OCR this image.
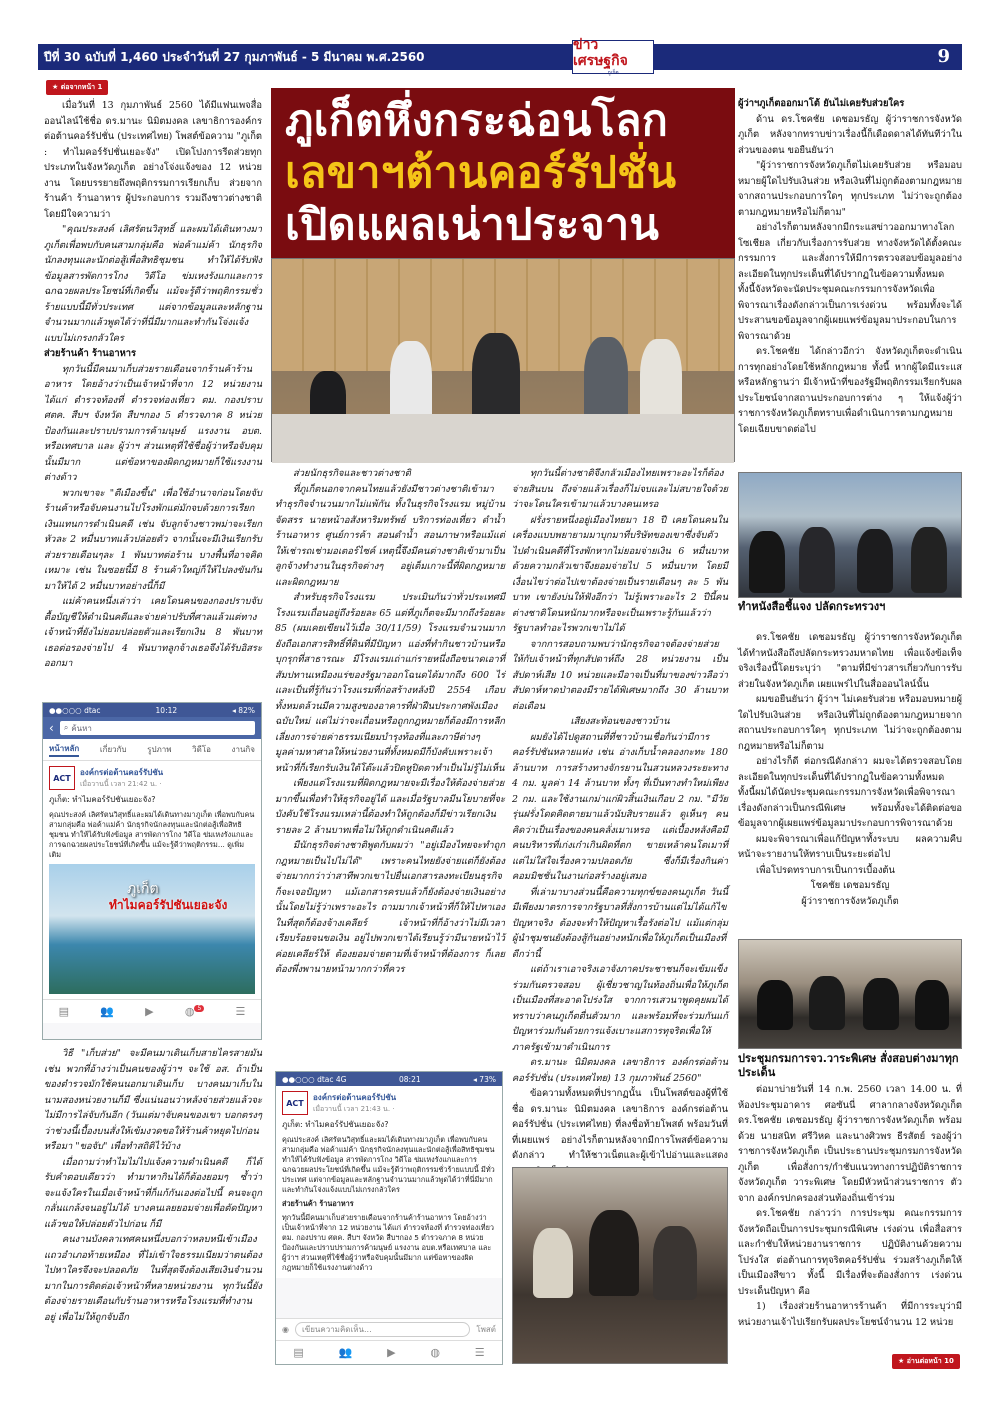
ปีที่ 30 ฉบับที่ 1,460 ประจำวันที่ 27 กุมภาพันธ์ - 5 มีนาคม พ.ศ.2560
ข่าวเศรษฐกิจ
ภูเก็ต
9
★ ต่อจากหน้า 1

เมื่อวันที่ 13 กุมภาพันธ์ 2560 ได้มีแฟนเพจสื่อออนไลน์ใช้ชื่อ ดร.มานะ นิมิตมงคล เลขาธิการองค์กรต่อต้านคอร์รัปชั่น (ประเทศไทย) โพสต์ข้อความ "ภูเก็ต : ทำไมคอร์รัปชั่นเยอะจัง" เปิดโปงการรีดส่วยทุกประเภทในจังหวัดภูเก็ต อย่างโจ่งแจ้งของ 12 หน่วยงาน โดยบรรยายถึงพฤติกรรมการเรียกเก็บ ส่วยจากร้านค้า ร้านอาหาร ผู้ประกอบการ รวมถึงชาวต่างชาติ โดยมีใจความว่า

"คุณประสงค์ เลิศรัตนวิสุทธิ์ และผมได้เดินทางมาภูเก็ตเพื่อพบกับคนสามกลุ่มคือ พ่อค้าแม่ค้า นักธุรกิจนักลงทุนและนักต่อสู้เพื่อสิทธิชุมชน ทำให้ได้รับฟังข้อมูลสารพัดการโกง วิดีโอ ข่มเหงรังแกและการฉกฉวยผลประโยชน์ที่เกิดขึ้น แม้จะรู้ดีว่าพฤติกรรมชั่วร้ายแบบนี้มีทั่วประเทศ แต่จากข้อมูลและหลักฐานจำนวนมากแล้วพูดได้ว่าที่นี่มีมากและทำกันโจ่งแจ้งแบบไม่เกรงกลัวใคร

ส่วยร้านค้า ร้านอาหาร

ทุกวันนี้มีคนมาเก็บส่วยรายเดือนจากร้านค้าร้านอาหาร โดยอ้างว่าเป็นเจ้าหน้าที่จาก 12 หน่วยงาน ได้แก่ ตำรวจท้องที่ ตำรวจท่องเที่ยว ตม. กองปราบ ศตค. สืบฯ จังหวัด สืบฯกอง 5 ตำรวจภาค 8 หน่วยป้องกันและปราบปรามการค้ามนุษย์ แรงงาน อบต. หรือเทศบาล และ ผู้ว่าฯ ส่วนเหตุที่ใช้ชื่อผู้ว่าหรือจับคุมนั้นมีมาก แต่ข้อหาของผิดกฎหมายก็ใช้แรงงานต่างด้าว

พวกเขาจะ "ตีเมืองขึ้น" เพื่อใช้อำนาจก่อนโดยจับร้านค้าหรือจับคนงานไปโรงพักแต่มักจบด้วยการเรียกเงินแทนการดำเนินคดี เช่น จับลูกจ้างชาวพม่าจะเรียกหัวละ 2 หมื่นบาทแล้วปล่อยตัว จากนั้นจะมีเงินเรียกรับส่วยรายเดือนๆละ 1 พันบาทต่อร้าน บางพื้นที่อาจคิดเหมาะ เช่น ในซอยนี้มี 8 ร้านค้าใหญ่ก็ให้ไปลงขันกันมาให้ได้ 2 หมื่นบาทอย่างนี้ก็มี

แม่ค้าคนหนึ่งเล่าว่า เคยโดนคนของกองปราบจับตื้อบัญชีให้ดำเนินคดีและจ่ายค่าปรับที่ศาลแล้วแต่ทางเจ้าหน้าที่ยังไม่ยอมปล่อยตัวและเรียกเงิน 8 พันบาท เธอต่อรองจ่ายไป 4 พันบาทลูกจ้างเธอจึงได้รับอิสระออกมา

●●○○○ dtac	10:12	◂ 82%
‹ ⌕ ค้นหา
หน้าหลัก	เกี่ยวกับ	รูปภาพ	วิดีโอ	งานกิจ
ACT
องค์กรต่อต้านคอร์รัปชัน
เมื่อวานนี้ เวลา 21:42 น. ·
ภูเก็ต: ทำไมคอร์รัปชันเยอะจัง?
คุณประสงค์ เลิศรัตนวิสุทธิ์และผมได้เดินทางมาภูเก็ต เพื่อพบกับคนสามกลุ่มคือ พ่อค้าแม่ค้า นักธุรกิจนักลงทุนและนักต่อสู้เพื่อสิทธิชุมชน ทำให้ได้รับฟังข้อมูล สารพัดการโกง วิดีโอ ข่มเหงรังแกและการฉกฉวยผลประโยชน์ที่เกิดขึ้น แม้จะรู้ดีว่าพฤติกรรม... ดูเพิ่มเติม
ภูเก็ต
ทำไมคอร์รัปชันเยอะจัง
▤	👥	▶	◍ 5	☰

วิธี "เก็บส่วย" จะมีคนมาเดินเก็บสายไครสายมันเช่น พวกที่อ้างว่าเป็นคนของผู้ว่าฯ จะใช้ อส. ถ้าเป็นของตำรวจมักใช้คนนอกมาเดินเก็บ บางคนมาเก็บในนามสองหน่วยงานก็มี ซึ่งแน่นอนว่าหลังจ่ายส่วยแล้วจะไม่มีการไล่จับกันอีก (วันแต่มาจับคนของเขา บอกตรงๆ ว่าช่วงนี้เบื้องบนสั่งให้เข้มงวดขอให้ร้านค้าหยุดไปก่อนหรือมา "ขอจับ" เพื่อทำสถิติไว้บ้าง

เมื่อถามว่าทำไมไม่ไปแจ้งความดำเนินคดี ก็ได้รับคำตอบเดียวว่า ทำมาหากินได้ก็ต้องยอมๆ ซ้ำว่าจะแจ้งใครในเมื่อเจ้าหน้าที่ก็แก้กันเองต่อไปนี้ คนจะถูกกลั่นแกล้งจนอยู่ไม่ได้ บางคนเลยยอมจ่ายเพื่อตัดปัญหา แล้วขอให้ปล่อยตัวไปก่อน ก็มี

คนงานบังคลาเทศคนหนึ่งบอกว่าหลบหนีเข้าเมืองแถวอำเภอท้ายเหมือง ที่ไม่เข้าใจธรรมเนียมว่าตนต้องไปหาใครจึงจะปลอดภัย ในที่สุดจึงต้องเสียเงินจำนวนมากในการติดต่อเจ้าหน้าที่หลายหน่วยงาน ทุกวันนี้ยังต้องจ่ายรายเดือนกับร้านอาหารหรือโรงแรมที่ทำงานอยู่ เพื่อไม่ให้ถูกจับอีก

ภูเก็ตหึ่งกระฉ่อนโลก
เลขาฯต้านคอร์รัปชั่น
เปิดแผลเน่าประจาน

ส่วยนักธุรกิจและชาวต่างชาติ

ที่ภูเก็ตนอกจากคนไทยแล้วยังมีชาวต่างชาติเข้ามาทำธุรกิจจำนวนมากไม่แพ้กัน ทั้งในธุรกิจโรงแรม หมู่บ้านจัดสรร นายหน้าอสังหาริมทรัพย์ บริการท่องเที่ยว ดำน้ำ ร้านอาหาร ศูนย์การค้า สอนดำน้ำ สอนภาษาหรือแม้แต่ให้เช่ารถเช่ามอเตอร์ไซค์ เหตุนี้จึงมีคนต่างชาติเข้ามาเป็นลูกจ้างทำงานในธุรกิจต่างๆ อยู่เต็มเกาะนี้ที่ผิดกฎหมายและผิดกฎหมาย

สำหรับธุรกิจโรงแรม ประเมินกันว่าทั่วประเทศมีโรงแรมเถื่อนอยู่ถึงร้อยละ 65 แต่ที่ภูเก็ตจะมีมากถึงร้อยละ 85 (ผมเคยเขียนไว้เมื่อ 30/11/59) โรงแรมจำนวนมากยังถือเอกสารสิทธิ์ที่ดินที่มีปัญหา แอ่งที่ทำกินชาวบ้านหรือบุกรุกที่สาธารณะ มีโรงแรมเถ่าแก่รายหนึ่งถือขนาดเอาที่สัมปทานเหมืองแร่ของรัฐมาออกโฉนดได้มากถึง 600 ไร่ และเป็นที่รู้กันว่าโรงแรมที่ก่อสร้างหลังปี 2554 เกือบทั้งหมดล้วนมีความสูงของอาคารที่ฝ่าฝืนประกาศพังเมืองฉบับใหม่ แต่ไม่ว่าจะเถื่อนหรือถูกกฎหมายก็ต้องมีการหลีกเลี่ยงการจ่ายค่าธรรมเนียมบำรุงท้องที่และภาษีต่างๆ มูลค่ามหาศาลให้หน่วยงานที่ทั้งหมดมีก็บังคับเพราะเจ้าหน้าที่ก็เรียกรับเงินใต้โต๊ะแล้วปิดหูปิดตาทำเป็นไม่รู้ไม่เห็น

เพียงแต่โรงแรมที่ผิดกฎหมายจะมีเรื่องให้ต้องจ่ายส่วยมากขึ้นเพื่อทำให้ธุรกิจอยู่ได้ และเมื่อรัฐบาลมีนโยบายที่จะบังคับใช้โรงแรมเหล่านี้ต้องทำให้ถูกต้องก็มีข่าวเรียกเงินรายละ 2 ล้านบาทเพื่อไม่ให้ถูกดำเนินคดีแล้ว

มีนักธุรกิจต่างชาติพูดกับผมว่า "อยู่เมืองไทยจะทำถูกกฎหมายเป็นไปไม่ได้" เพราะคนไทยยังจ่ายแต่ก็ยังต้องจ่ายมากกว่าว่าสาทีพวกเขาไปยื่นเอกสารลงทะเบียนธุรกิจก็จะเจอปัญหา แม้เอกสารครบแล้วก็ยังต้องจ่ายเงินอย่างนั้นโดยไม่รู้ว่าเพราะอะไร ถามมากเจ้าหน้าที่ก็ให้ไปหาเอง ในที่สุดก็ต้องจ้างเคลียร์ เจ้าหน้าที่ก็อ้างว่าไม่มีเวลาเรียบร้อยจนขอเงิน อยู่ไปพวกเขาได้เรียนรู้ว่ามีนายหน้าไว้ค่อยเคลียร์ให้ ต้องยอมจ่ายตามที่เจ้าหน้าที่ต้องการ ก็เลยต้องพึ่งพานายหน้ามากกว่าที่ควร

●●○○○ dtac 4G	08:21	◂ 73%
ACT
องค์กรต่อต้านคอร์รัปชัน
เมื่อวานนี้ เวลา 21:43 น. ·
ภูเก็ต: ทำไมคอร์รัปชันเยอะจัง?
คุณประสงค์ เลิศรัตนวิสุทธิ์และผมได้เดินทางมาภูเก็ต เพื่อพบกับคนสามกลุ่มคือ พ่อค้าแม่ค้า นักธุรกิจนักลงทุนและนักต่อสู้เพื่อสิทธิชุมชน ทำให้ได้รับฟังข้อมูล สารพัดการโกง วิดีโอ ข่มเหงรังแกและการฉกฉวยผลประโยชน์ที่เกิดขึ้น แม้จะรู้ดีว่าพฤติกรรมชั่วร้ายแบบนี้ มีทั่วประเทศ แต่จากข้อมูลและหลักฐานจำนวนมากแล้วพูดได้ว่าที่นี่มีมากและทำกันโจ่งแจ้งแบบไม่เกรงกลัวใคร
ส่วยร้านค้า ร้านอาหาร
ทุกวันนี้มีคนมาเก็บส่วยรายเดือนจากร้านค้าร้านอาหาร โดยอ้างว่าเป็นเจ้าหน้าที่จาก 12 หน่วยงาน ได้แก่ ตำรวจท้องที่ ตำรวจท่องเที่ยว ตม. กองปราบ ศตค. สืบฯ จังหวัด สืบฯกอง 5 ตำรวจภาค 8 หน่วยป้องกันและปราบปรามการค้ามนุษย์ แรงงาน อบต.หรือเทศบาล และ ผู้ว่าฯ ส่วนเหตุที่ใช้ชื่อผู้ว่าหรือจับคุมนั้นมีมาก แต่ข้อหาของผิดกฎหมายก็ใช้แรงงานต่างด้าว
◉	เขียนความคิดเห็น...	โพสต์
▤	👥	▶	◍	☰

ทุกวันนี้ต่างชาติจึงกลัวเมืองไทยเพราะอะไรก็ต้องจ่ายสินบน ถึงจ่ายแล้วเรื่องก็ไม่จบและไม่สบายใจด้วยว่าจะโดนใครเข้ามาแล้วบางคนเหรอ

ฝรั่งรายหนึ่งอยู่เมืองไทยมา 18 ปี เคยโดนคนในเครื่องแบบพยายามมาบุกมาที่บริษัทของเขาซึ่งจับตัวไปดำเนินคดีที่โรงพักหากไม่ยอมจ่ายเงิน 6 หมื่นบาท ด้วยความกลัวเขาจึงยอมจ่ายไป 5 หมื่นบาท โดยมีเงื่อนไขว่าต่อไปเขาต้องจ่ายเป็นรายเดือนๆ ละ 5 พันบาท เขายังบ่นให้ฟังอีกว่า ไม่รู้เพราะอะไร 2 ปีนี้คนต่างชาติโดนหนักมากหรือจะเป็นเพราะรู้กันแล้วว่ารัฐบาลทำอะไรพวกเขาไม่ได้

จากการสอบถามพบว่านักธุรกิจอาจต้องจ่ายส่วยให้กับเจ้าหน้าที่ทุกสัปดาห์ถึง 28 หน่วยงาน เป็นสัปดาห์เสีย 10 หน่วยและมีอาจเป็นที่มาของข่าวลือว่าสัปดาห์หาดป่าตองมีรายได้พิเศษมากถึง 30 ล้านบาทต่อเดือน

เสียงสะท้อนของชาวบ้าน

ผมยังได้ไปดูสถานที่ที่ชาวบ้านเชื่อกันว่ามีการคอร์รัปชันหลายแห่ง เช่น อ่างเก็บน้ำคลองกะทะ 180 ล้านบาท การสร้างทางจักรยานในสวนหลวงระยะทาง 4 กม. มูลค่า 14 ล้านบาท ทั้งๆ ที่เป็นทางทำใหม่เพียง 2 กม. และใช้งานเกม่าแก่ผิวสิ้นเงินเกือบ 2 กม. "มีวัยรุ่นฝรั่งโดดคิดตายมาแล้วนับสิบรายแล้ว ดูเห็นๆ คนคิดว่าเป็นเรื่องของคนคลั่งเมาเหรอ แต่เบื้องหลังคือมีคนบริหารที่เก่งเก๋าเกินผิดที่ตก ขายเหล้าคนโตเมาที่แต่ไม่ใส่ใจเรื่องความปลอดภัย ซึ่งก็มีเรื่องกินค่าคอมมิชชั่นในงานก่อสร้างอยู่เสมอ

ที่เล่ามาบางส่วนนี้คือความทุกข์ของคนภูเก็ต วันนี้มีเพียงมาตรการจากรัฐบาลที่สั่งการบ้านแต่ไม่ได้แก้ไขปัญหาจริง ต้องจะทำให้ปัญหาเรื้อรังต่อไป แม้แต่กลุ่มผู้นำชุมชนยังต้องสู้กันอย่างหนักเพื่อให้ภูเก็ตเป็นเมืองที่ดีกว่านี้

แต่ถ้าเราเอาจริงเอาจังภาคประชาชนก็จะเข้มแข็ง ร่วมกันตรวจสอบ ผู้เชี่ยวชาญในท้องถิ่นเพื่อให้ภูเก็ตเป็นเมืองที่สะอาดโปร่งใส จากการเสวนาพูดคุยผมได้ทราบว่าคนภูเก็ตตื่นตัวมาก และพร้อมที่จะร่วมกันแก้ปัญหาร่วมกันด้วยการแจ้งเบาะแสการทุจริตเพื่อให้ภาครัฐเข้ามาดำเนินการ

ดร.มานะ นิมิตมงคล เลขาธิการ องค์กรต่อต้านคอร์รัปชั่น (ประเทศไทย) 13 กุมภาพันธ์ 2560"

ข้อความทั้งหมดที่ปรากฏนั้น เป็นโพสต์ของผู้ที่ใช้ชื่อ ดร.มานะ นิมิตมงคล เลขาธิการ องค์กรต่อต้านคอร์รัปชั่น (ประเทศไทย) ที่ลงชื่อท้ายโพสต์ พร้อมวันที่ที่เผยแพร่ อย่างไรก็ตามหลังจากมีการโพสต์ข้อความดังกล่าว ทำให้ชาวเน็ตและผู้เข้าไปอ่านและแสดง

ผู้ว่าฯภูเก็ตออกมาโต้ ยันไม่เคยรับส่วยใคร

ด้าน ดร.โชคชัย เดชอมรธัญ ผู้ว่าราชการจังหวัดภูเก็ต หลังจากทราบข่าวเรื่องนี้ก็เดือดดาลได้ทันทีว่าในส่วนของตน ขอยืนยันว่า

"ผู้ว่าราชการจังหวัดภูเก็ตไม่เคยรับส่วย หรือมอบหมายผู้ใดไปรับเงินส่วย หรือเงินที่ไม่ถูกต้องตามกฎหมายจากสถานประกอบการใดๆ ทุกประเภท ไม่ว่าจะถูกต้องตามกฎหมายหรือไม่ก็ตาม"

อย่างไรก็ตามหลังจากมีกระแสข่าวออกมาทางโลกโซเชียล เกี่ยวกับเรื่องการรับส่วย ทางจังหวัดได้ตั้งคณะกรรมการ และสั่งการให้มีการตรวจสอบข้อมูลอย่างละเอียดในทุกประเด็นที่ได้ปรากฏในข้อความทั้งหมด ทั้งนี้จังหวัดจะนัดประชุมคณะกรรมการจังหวัดเพื่อพิจารณาเรื่องดังกล่าวเป็นการเร่งด่วน พร้อมทั้งจะได้ประสานขอข้อมูลจากผู้เผยแพร่ข้อมูลมาประกอบในการพิจารณาด้วย

ดร.โชคชัย ได้กล่าวอีกว่า จังหวัดภูเก็ตจะดำเนินการทุกอย่างโดยใช้หลักกฎหมาย ทั้งนี้ หากผู้ใดมีแระแสหรือหลักฐานว่า มีเจ้าหน้าที่ของรัฐมีพฤติกรรมเรียกรับผลประโยชน์จากสถานประกอบการต่าง ๆ ให้แจ้งผู้ว่าราชการจังหวัดภูเก็ตทราบเพื่อดำเนินการตามกฎหมายโดยเฉียบขาดต่อไป

ทำหนังสือชี้แจง ปลัดกระทรวงฯ

ดร.โชคชัย เดชอมรธัญ ผู้ว่าราชการจังหวัดภูเก็ต ได้ทำหนังสือถึงปลัดกระทรวงมหาดไทย เพื่อแจ้งข้อเท็จจริงเรื่องนี้โดยระบุว่า "ตามที่มีข่าวสารเกี่ยวกับการรับส่วยในจังหวัดภูเก็ต เผยแพร่ไปในสื่อออนไลน์นั้น

ผมขอยืนยันว่า ผู้ว่าฯ ไม่เคยรับส่วย หรือมอบหมายผู้ใดไปรับเงินส่วย หรือเงินที่ไม่ถูกต้องตามกฎหมายจากสถานประกอบการใดๆ ทุกประเภท ไม่ว่าจะถูกต้องตามกฎหมายหรือไม่ก็ตาม

อย่างไรก็ดี ต่อกรณีดังกล่าว ผมจะได้ตรวจสอบโดยละเอียดในทุกประเด็นที่ได้ปรากฏในข้อความทั้งหมด ทั้งนี้ผมได้นัดประชุมคณะกรรมการจังหวัดเพื่อพิจารณาเรื่องดังกล่าวเป็นกรณีพิเศษ พร้อมทั้งจะได้ติดต่อขอข้อมูลจากผู้เผยแพร่ข้อมูลมาประกอบการพิจารณาด้วย

ผมจะพิจารณาเพื่อแก้ปัญหาทั้งระบบ ผลความคืบหน้าจะรายงานให้ทราบเป็นระยะต่อไป

เพื่อโปรดทราบการเป็นการเบื้องต้น

โชคชัย เดชอมรธัญ

ผู้ว่าราชการจังหวัดภูเก็ต

ประชุมกรมการจว.วาระพิเศษ สั่งสอบต่างมาทุกประเด็น

ต่อมาบ่ายวันที่ 14 ก.พ. 2560 เวลา 14.00 น. ที่ห้องประชุมอาคาร ศอซันนี่ ศาลากลางจังหวัดภูเก็ต ดร.โชคชัย เดชอมรธัญ ผู้ว่าราชการจังหวัดภูเก็ต พร้อมด้วย นายสนิท ศรีวิหค และนางศิวพร ธีรสัตย์ รองผู้ว่าราชการจังหวัดภูเก็ต เป็นประธานประชุมกรมการจังหวัดภูเก็ต เพื่อสั่งการ/กำชับแนวทางการปฏิบัติราชการจังหวัดภูเก็ต วาระพิเศษ โดยมีหัวหน้าส่วนราชการ ตัวจาก องค์กรปกครองส่วนท้องถิ่นเข้าร่วม

ดร.โชคชัย กล่าวว่า การประชุม คณะกรรมการจังหวัดถือเป็นการประชุมกรณีพิเศษ เร่งด่วน เพื่อสื่อสารและกำชับให้หน่วยงานราชการ ปฏิบัติงานด้วยความโปร่งใส ต่อต้านการทุจริตคอร์รัปชั่น ร่วมสร้างภูเก็ตให้เป็นเมืองสีขาว ทั้งนี้ มีเรื่องที่จะต้องสั่งการ เร่งด่วน ประเด็นปัญหา คือ

1) เรื่องส่วยร้านอาหารร้านค้า ที่มีการระบุว่ามีหน่วยงานเจ้าไปเรียกรับผลประโยชน์จำนวน 12 หน่วย

★ อ่านต่อหน้า 10
